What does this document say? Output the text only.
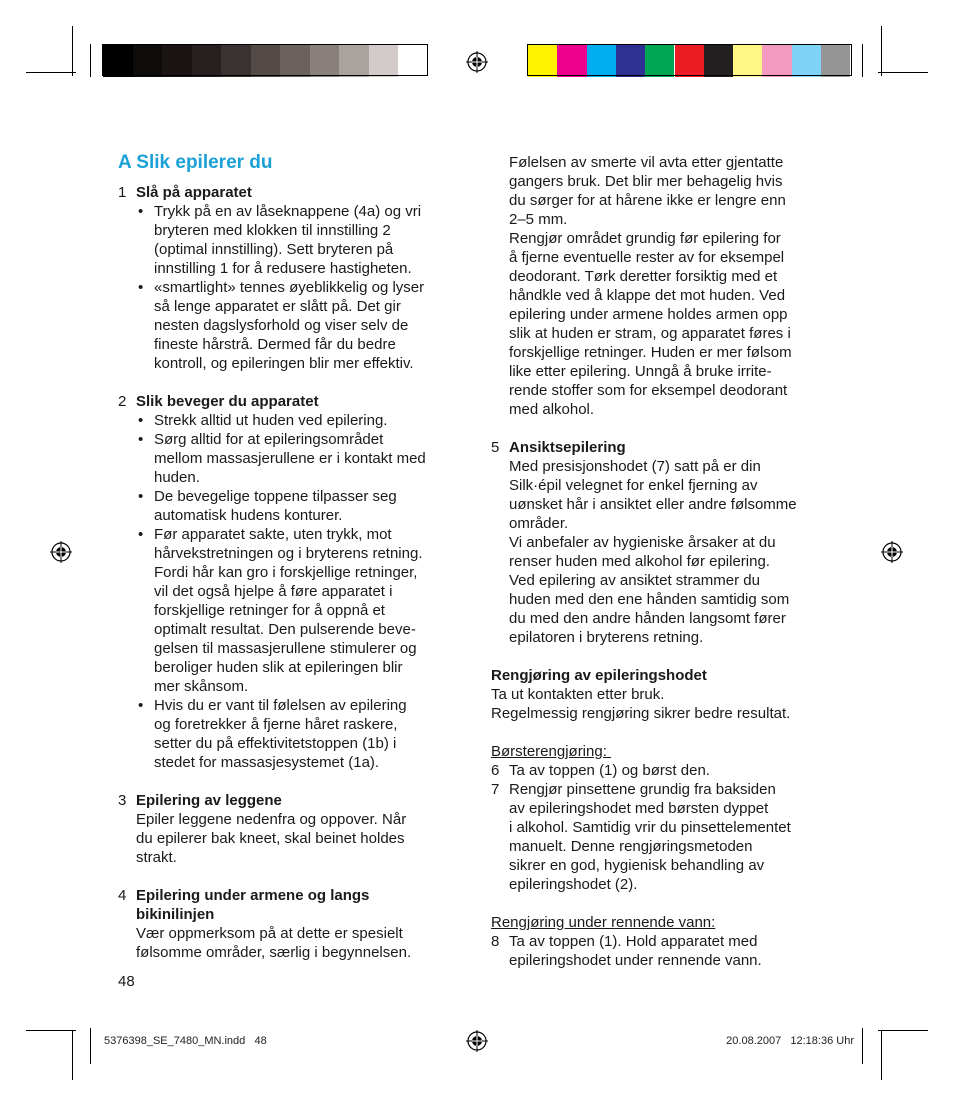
A Slik epilerer du
1 Slå på apparatet
• Trykk på en av låseknappene (4a) og vri
bryteren med klokken til innstilling 2
(optimal innstilling). Sett bryteren på
innstilling 1 for å redusere hastigheten.
• «smartlight» tennes øyeblikkelig og lyser
så lenge apparatet er slått på. Det gir
nesten dagslysforhold og viser selv de
fineste hårstrå. Dermed får du bedre
kontroll, og epileringen blir mer effektiv.
2 Slik beveger du apparatet
• Strekk alltid ut huden ved epilering.
• Sørg alltid for at epileringsområdet
mellom massasjerullene er i kontakt med
huden.
• De bevegelige toppene tilpasser seg
automatisk hudens konturer.
• Før apparatet sakte, uten trykk, mot
hårvekstretningen og i bryterens retning.
Fordi hår kan gro i forskjellige retninger,
vil det også hjelpe å føre apparatet i
forskjellige retninger for å oppnå et
optimalt resultat. Den pulserende beve-
gelsen til massasjerullene stimulerer og
beroliger huden slik at epileringen blir
mer skånsom.
• Hvis du er vant til følelsen av epilering
og foretrekker å fjerne håret raskere,
setter du på effektivitetstoppen (1b) i
stedet for massasjesystemet (1a).
3 Epilering av leggene
Epiler leggene nedenfra og oppover. Når
du epilerer bak kneet, skal beinet holdes
strakt.
4 Epilering under armene og langs
bikinilinjen
Vær oppmerksom på at dette er spesielt
følsomme områder, særlig i begynnelsen.
Følelsen av smerte vil avta etter gjentatte
gangers bruk. Det blir mer behagelig hvis
du sørger for at hårene ikke er lengre enn
2–5 mm.
Rengjør området grundig før epilering for
å fjerne eventuelle rester av for eksempel
deodorant. Tørk deretter forsiktig med et
håndkle ved å klappe det mot huden. Ved
epilering under armene holdes armen opp
slik at huden er stram, og apparatet føres i
forskjellige retninger. Huden er mer følsom
like etter epilering. Unngå å bruke irrite-
rende stoffer som for eksempel deodorant
med alkohol.
5 Ansiktsepilering
Med presisjonshodet (7) satt på er din
Silk·épil velegnet for enkel fjerning av
uønsket hår i ansiktet eller andre følsomme
områder.
Vi anbefaler av hygieniske årsaker at du
renser huden med alkohol før epilering.
Ved epilering av ansiktet strammer du
huden med den ene hånden samtidig som
du med den andre hånden langsomt fører
epilatoren i bryterens retning.
Rengjøring av epileringshodet
Ta ut kontakten etter bruk.
Regelmessig rengjøring sikrer bedre resultat.
Børsterengjøring:
6 Ta av toppen (1) og børst den.
7 Rengjør pinsettene grundig fra baksiden
av epileringshodet med børsten dyppet
i alkohol. Samtidig vrir du pinsettelementet
manuelt. Denne rengjøringsmetoden
sikrer en god, hygienisk behandling av
epileringshodet (2).
Rengjøring under rennende vann:
8 Ta av toppen (1). Hold apparatet med
epileringshodet under rennende vann.
48
5376398_SE_7480_MN.indd 48	20.08.2007   12:18:36 Uhr
